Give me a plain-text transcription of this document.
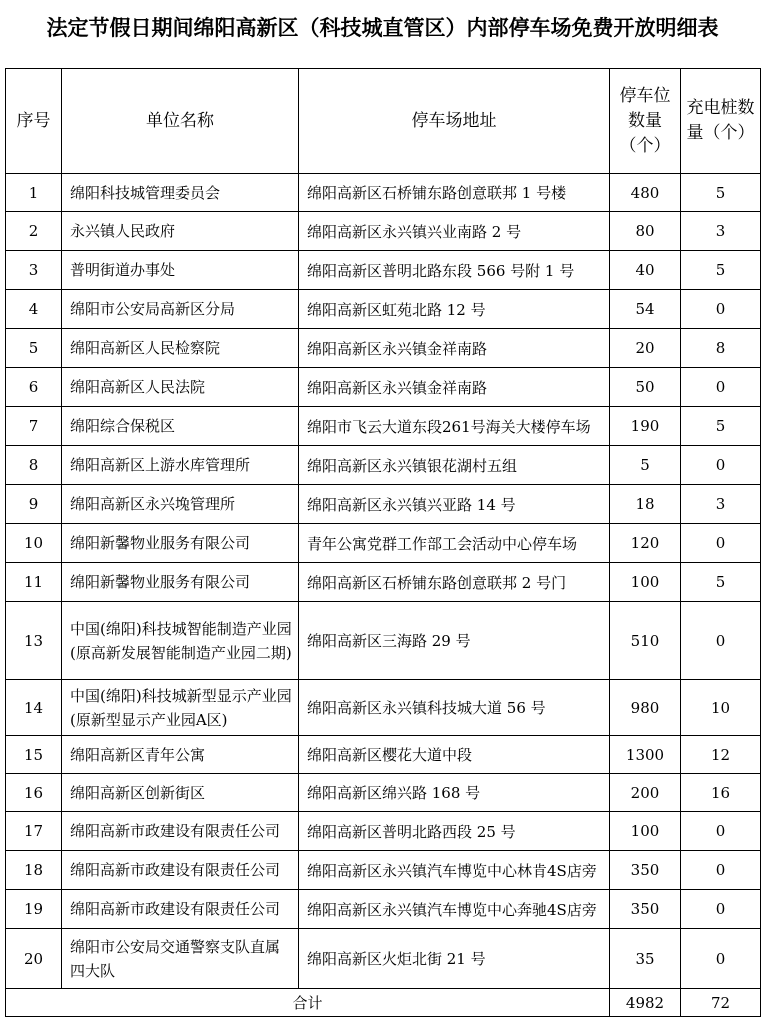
法定节假日期间绵阳高新区（科技城直管区）内部停车场免费开放明细表
序号	单位名称	停车场地址	停车位数量（个）	充电桩数量（个）
1	绵阳科技城管理委员会	绵阳高新区石桥铺东路创意联邦 1 号楼	480	5
2	永兴镇人民政府	绵阳高新区永兴镇兴业南路 2 号	80	3
3	普明街道办事处	绵阳高新区普明北路东段 566 号附 1 号	40	5
4	绵阳市公安局高新区分局	绵阳高新区虹苑北路 12 号	54	0
5	绵阳高新区人民检察院	绵阳高新区永兴镇金祥南路	20	8
6	绵阳高新区人民法院	绵阳高新区永兴镇金祥南路	50	0
7	绵阳综合保税区	绵阳市飞云大道东段261号海关大楼停车场	190	5
8	绵阳高新区上游水库管理所	绵阳高新区永兴镇银花湖村五组	5	0
9	绵阳高新区永兴堍管理所	绵阳高新区永兴镇兴亚路 14 号	18	3
10	绵阳新馨物业服务有限公司	青年公寓党群工作部工会活动中心停车场	120	0
11	绵阳新馨物业服务有限公司	绵阳高新区石桥铺东路创意联邦 2 号门	100	5
13	中国(绵阳)科技城智能制造产业园(原高新发展智能制造产业园二期)	绵阳高新区三海路 29 号	510	0
14	中国(绵阳)科技城新型显示产业园(原新型显示产业园A区)	绵阳高新区永兴镇科技城大道 56 号	980	10
15	绵阳高新区青年公寓	绵阳高新区樱花大道中段	1300	12
16	绵阳高新区创新街区	绵阳高新区绵兴路 168 号	200	16
17	绵阳高新市政建设有限责任公司	绵阳高新区普明北路西段 25 号	100	0
18	绵阳高新市政建设有限责任公司	绵阳高新区永兴镇汽车博览中心林肯4S店旁	350	0
19	绵阳高新市政建设有限责任公司	绵阳高新区永兴镇汽车博览中心奔驰4S店旁	350	0
20	绵阳市公安局交通警察支队直属四大队	绵阳高新区火炬北街 21 号	35	0
合计			4982	72
